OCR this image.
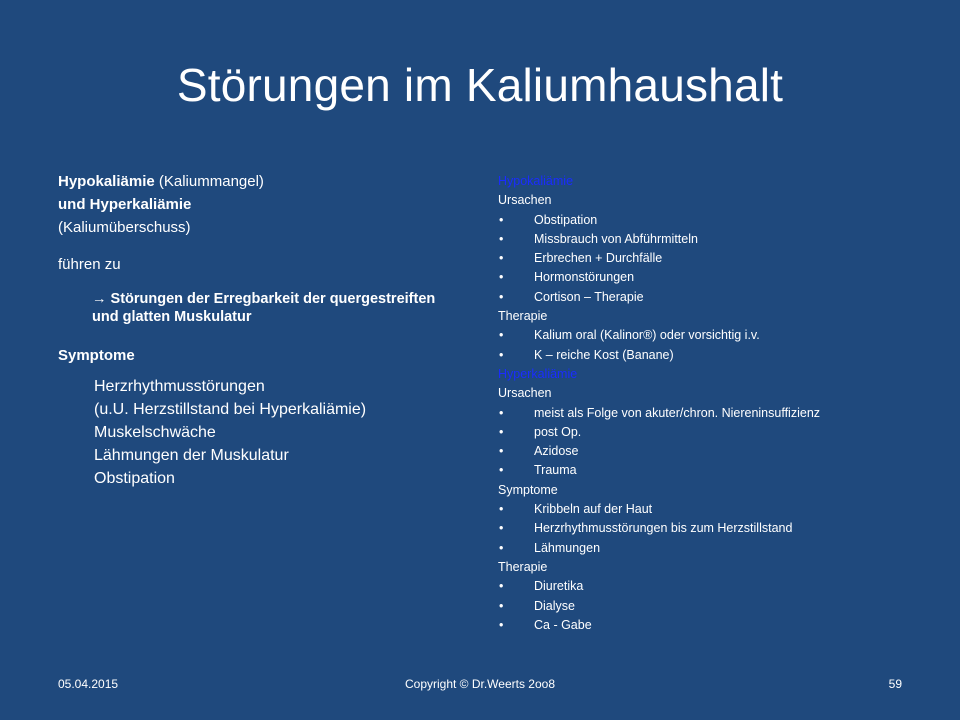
Störungen im Kaliumhaushalt

Hypokaliämie (Kaliummangel)

und Hyperkaliämie

(Kaliumüberschuss)

führen zu

→ Störungen der Erregbarkeit der quergestreiften und glatten Muskulatur

Symptome

Herzrhythmusstörungen
(u.U. Herzstillstand bei Hyperkaliämie)
Muskelschwäche
Lähmungen der Muskulatur
Obstipation
Hypokaliämie
Ursachen
• Obstipation
• Missbrauch von Abführmitteln
• Erbrechen + Durchfälle
• Hormonstörungen
• Cortison – Therapie
Therapie
• Kalium oral (Kalinor®) oder vorsichtig i.v.
• K – reiche Kost (Banane)
Hyperkaliämie
Ursachen
• meist als Folge von akuter/chron. Niereninsuffizienz
• post Op.
• Azidose
• Trauma
Symptome
• Kribbeln auf der Haut
• Herzrhythmusstörungen bis zum Herzstillstand
• Lähmungen
Therapie
• Diuretika
• Dialyse
• Ca - Gabe
05.04.2015	Copyright © Dr.Weerts 2oo8	59
